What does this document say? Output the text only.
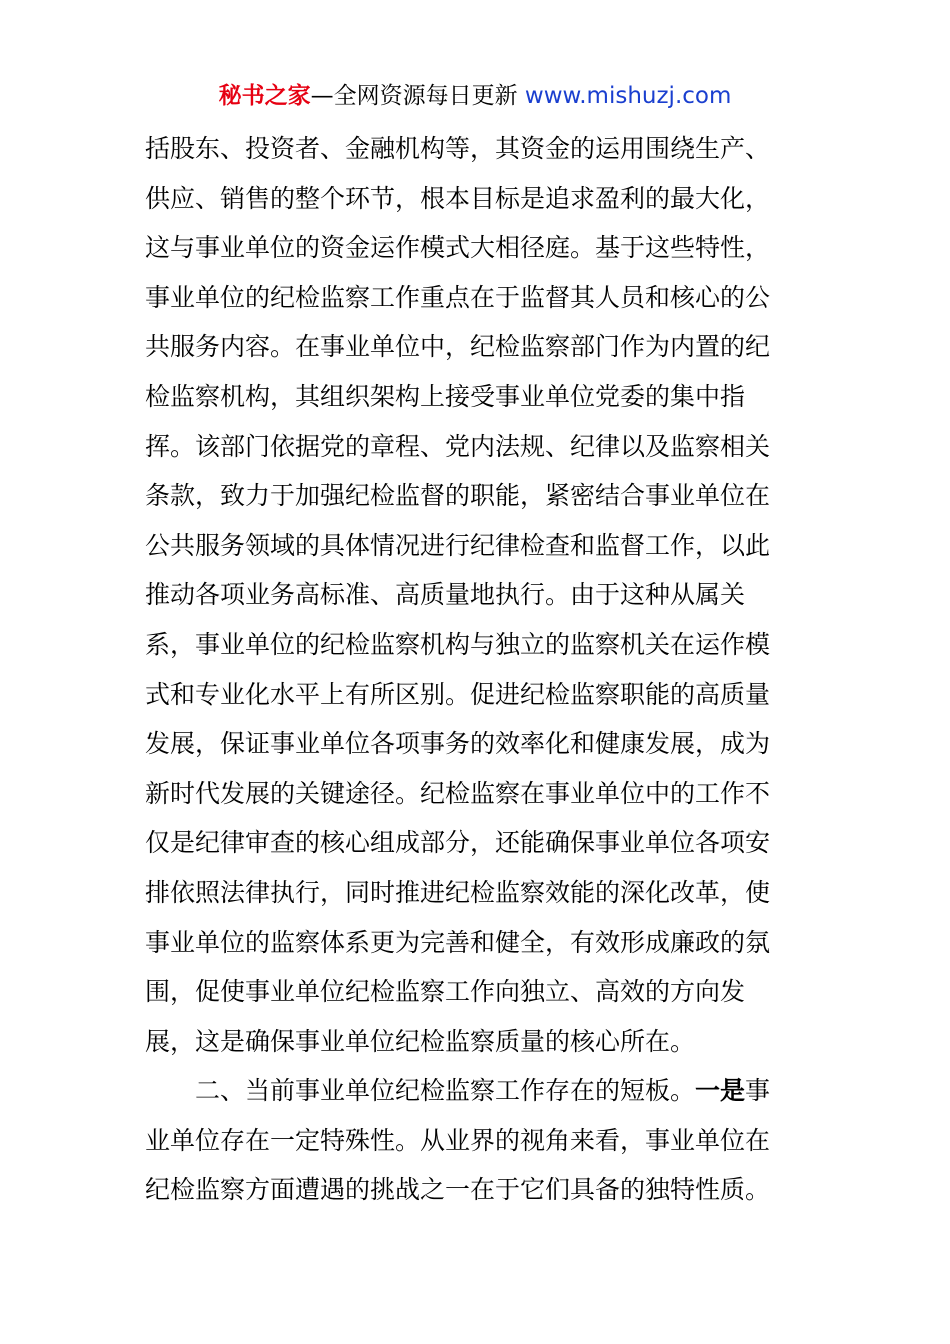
秘书之家—全网资源每日更新 www.mishuzj.com
括股东、投资者、金融机构等，其资金的运用围绕生产、
供应、销售的整个环节，根本目标是追求盈利的最大化，
这与事业单位的资金运作模式大相径庭。基于这些特性，
事业单位的纪检监察工作重点在于监督其人员和核心的公
共服务内容。在事业单位中，纪检监察部门作为内置的纪
检监察机构，其组织架构上接受事业单位党委的集中指
挥。该部门依据党的章程、党内法规、纪律以及监察相关
条款，致力于加强纪检监督的职能，紧密结合事业单位在
公共服务领域的具体情况进行纪律检查和监督工作，以此
推动各项业务高标准、高质量地执行。由于这种从属关
系，事业单位的纪检监察机构与独立的监察机关在运作模
式和专业化水平上有所区别。促进纪检监察职能的高质量
发展，保证事业单位各项事务的效率化和健康发展，成为
新时代发展的关键途径。纪检监察在事业单位中的工作不
仅是纪律审查的核心组成部分，还能确保事业单位各项安
排依照法律执行，同时推进纪检监察效能的深化改革，使
事业单位的监察体系更为完善和健全，有效形成廉政的氛
围，促使事业单位纪检监察工作向独立、高效的方向发
展，这是确保事业单位纪检监察质量的核心所在。
二、当前事业单位纪检监察工作存在的短板。一是事
业单位存在一定特殊性。从业界的视角来看，事业单位在
纪检监察方面遭遇的挑战之一在于它们具备的独特性质。
